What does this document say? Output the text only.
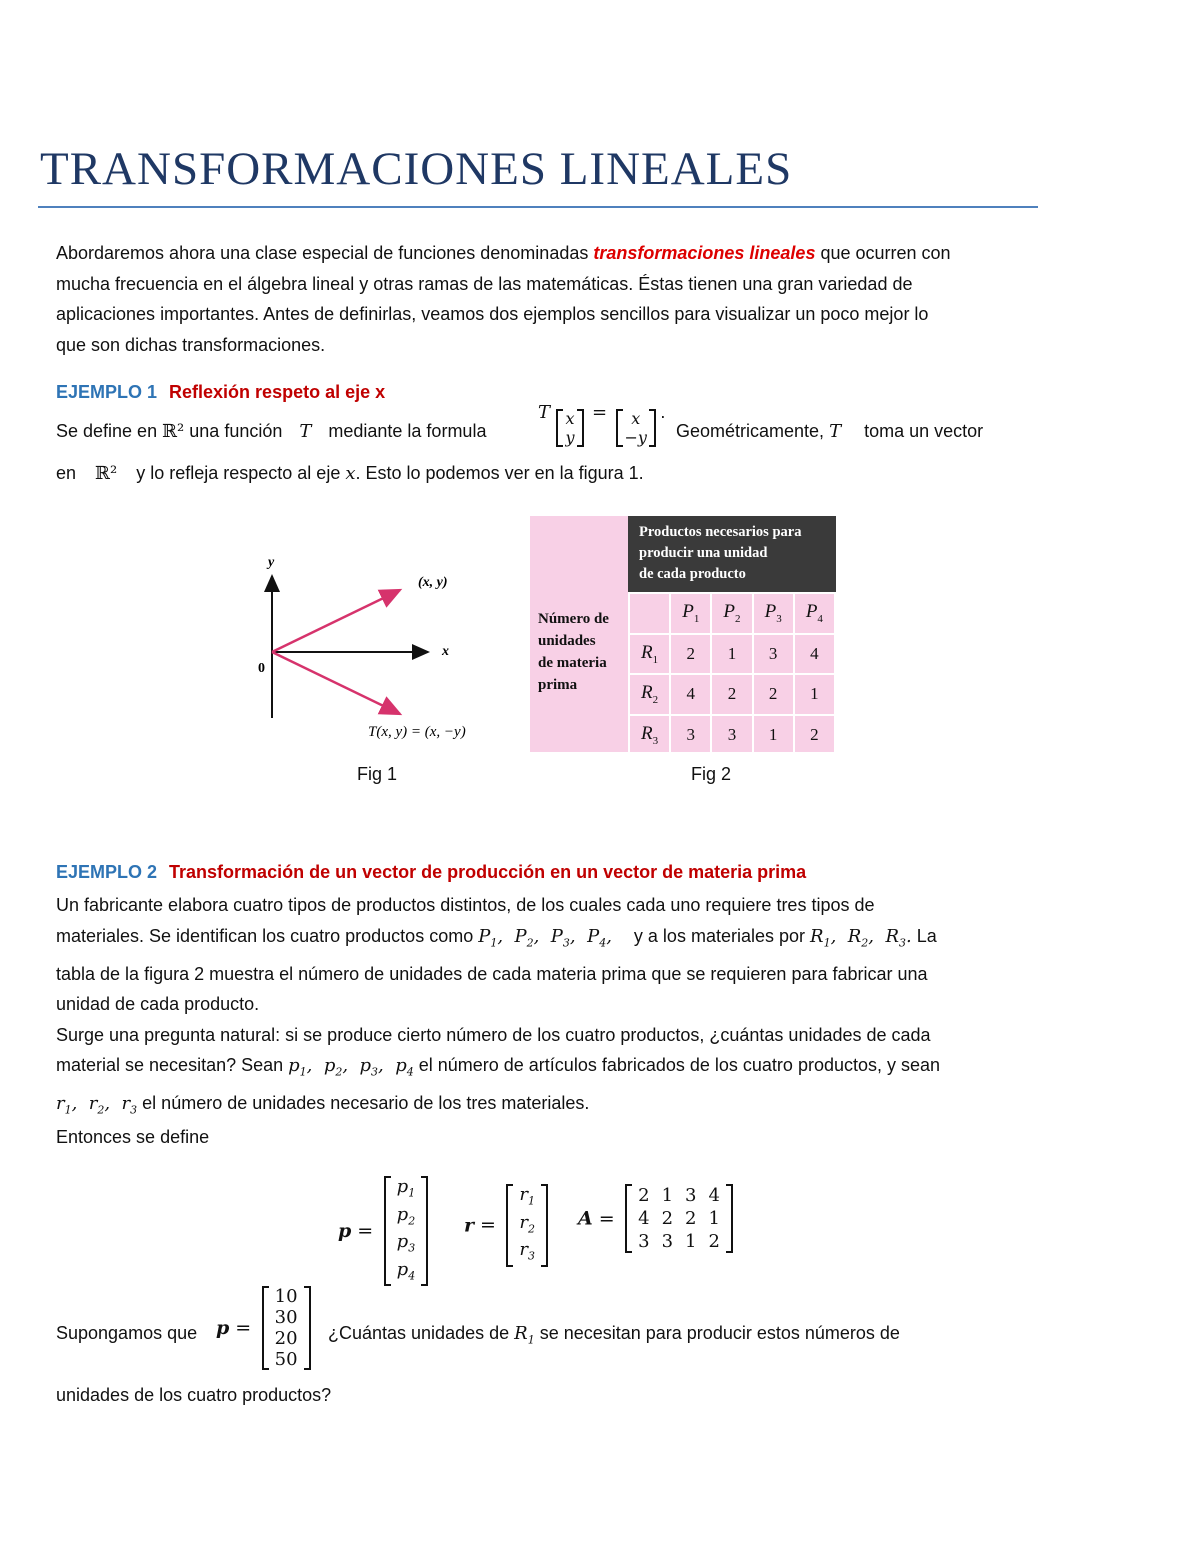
TRANSFORMACIONES LINEALES
Abordaremos ahora una clase especial de funciones denominadas transformaciones lineales que ocurren con
mucha frecuencia en el álgebra lineal y otras ramas de las matemáticas. Éstas tienen una gran variedad de
aplicaciones importantes. Antes de definirlas, veamos dos ejemplos sencillos para visualizar un poco mejor lo
que son dichas transformaciones.
EJEMPLO 1 Reflexión respeto al eje x
Se define en ℝ² una función T mediante la formula
T x
y
= x
−y
.
Geométricamente, T toma un vector
en ℝ² y lo refleja respecto al eje x. Esto lo podemos ver en la figura 1.
y
x
0
(x, y)
T(x, y) = (x, −y)
Productos necesarios para
producir una unidad
de cada producto
Número de
unidades
de materia
prima
	$P_1$	$P_2$	$P_3$	$P_4$
$R_1$	2	1	3	4
$R_2$	4	2	2	1
$R_3$	3	3	1	2
Fig 1	Fig 2
EJEMPLO 2 Transformación de un vector de producción en un vector de materia prima
Un fabricante elabora cuatro tipos de productos distintos, de los cuales cada uno requiere tres tipos de
materiales. Se identifican los cuatro productos como $P_1$,  $P_2$,  $P_3$,  $P_4$, y a los materiales por $R_1$,  $R_2$,  $R_3$. La
tabla de la figura 2 muestra el número de unidades de cada materia prima que se requieren para fabricar una
unidad de cada producto.
Surge una pregunta natural: si se produce cierto número de los cuatro productos, ¿cuántas unidades de cada
material se necesitan? Sean $p_1$,  $p_2$,  $p_3$,  $p_4$ el número de artículos fabricados de los cuatro productos, y sean
$r_1$,  $r_2$,  $r_3$ el número de unidades necesario de los tres materiales.
Entonces se define
p =
$p_1$
$p_2$
$p_3$
$p_4$
r =
$r_1$
$r_2$
$r_3$
A =
2	1	3	4
4	2	2	1
3	3	1	2
Supongamos que p =
10
30
20
50
¿Cuántas unidades de $R_1$ se necesitan para producir estos números de
unidades de los cuatro productos?
